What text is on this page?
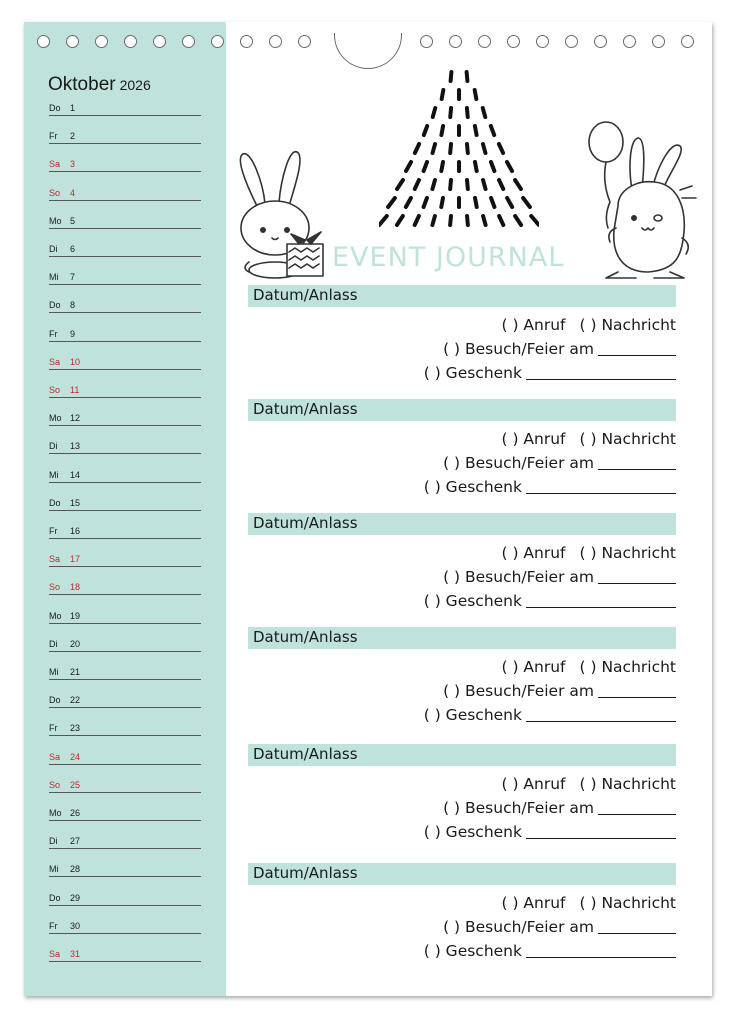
Oktober 2026
Do 1
Fr 2
Sa 3
So 4
Mo 5
Di 6
Mi 7
Do 8
Fr 9
Sa 10
So 11
Mo 12
Di 13
Mi 14
Do 15
Fr 16
Sa 17
So 18
Mo 19
Di 20
Mi 21
Do 22
Fr 23
Sa 24
So 25
Mo 26
Di 27
Mi 28
Do 29
Fr 30
Sa 31
EVENT JOURNAL
Datum/Anlass
( ) Anruf ( ) Nachricht
( ) Besuch/Feier am
( ) Geschenk
Datum/Anlass
( ) Anruf ( ) Nachricht
( ) Besuch/Feier am
( ) Geschenk
Datum/Anlass
( ) Anruf ( ) Nachricht
( ) Besuch/Feier am
( ) Geschenk
Datum/Anlass
( ) Anruf ( ) Nachricht
( ) Besuch/Feier am
( ) Geschenk
Datum/Anlass
( ) Anruf ( ) Nachricht
( ) Besuch/Feier am
( ) Geschenk
Datum/Anlass
( ) Anruf ( ) Nachricht
( ) Besuch/Feier am
( ) Geschenk
